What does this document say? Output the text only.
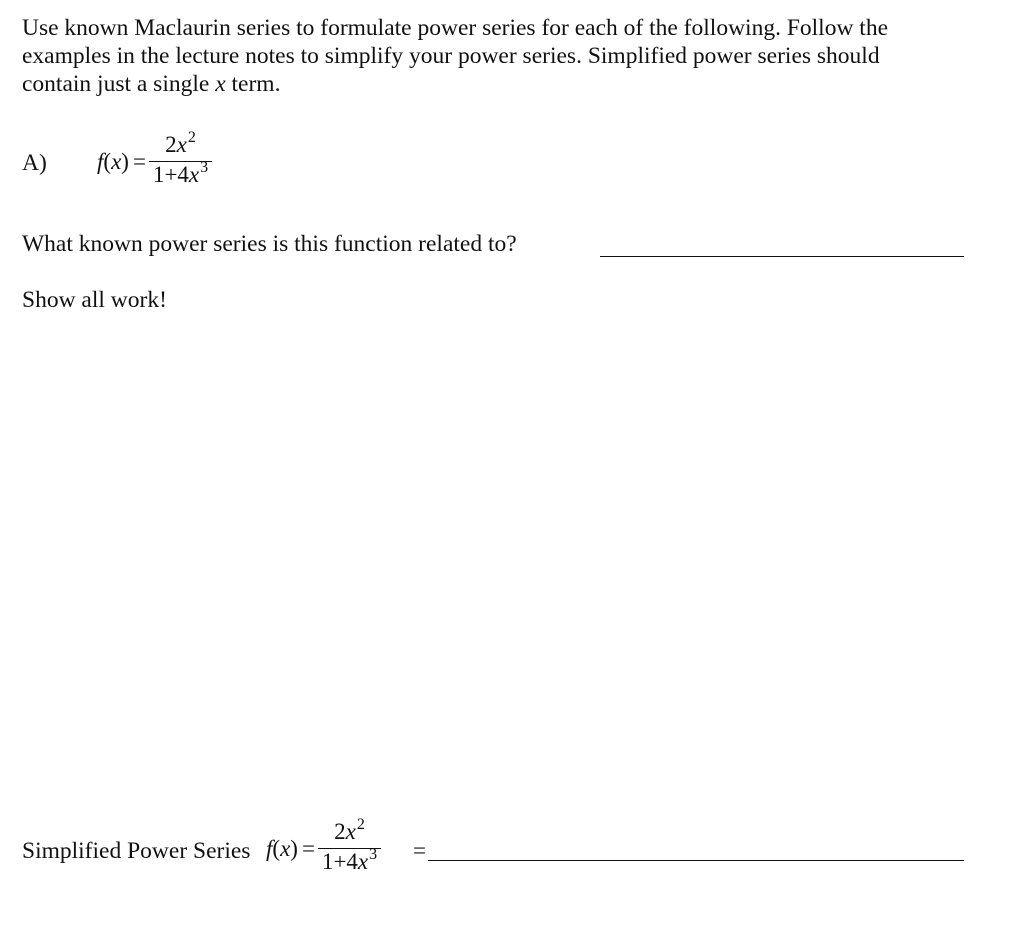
Use known Maclaurin series to formulate power series for each of the following. Follow the
examples in the lecture notes to simplify your power series. Simplified power series should
contain just a single x term.
A) $f(x) = \frac{2x^2}{1+4x^3}$
What known power series is this function related to?
Show all work!
Simplified Power Series $f(x) = \frac{2x^2}{1+4x^3}$ =
